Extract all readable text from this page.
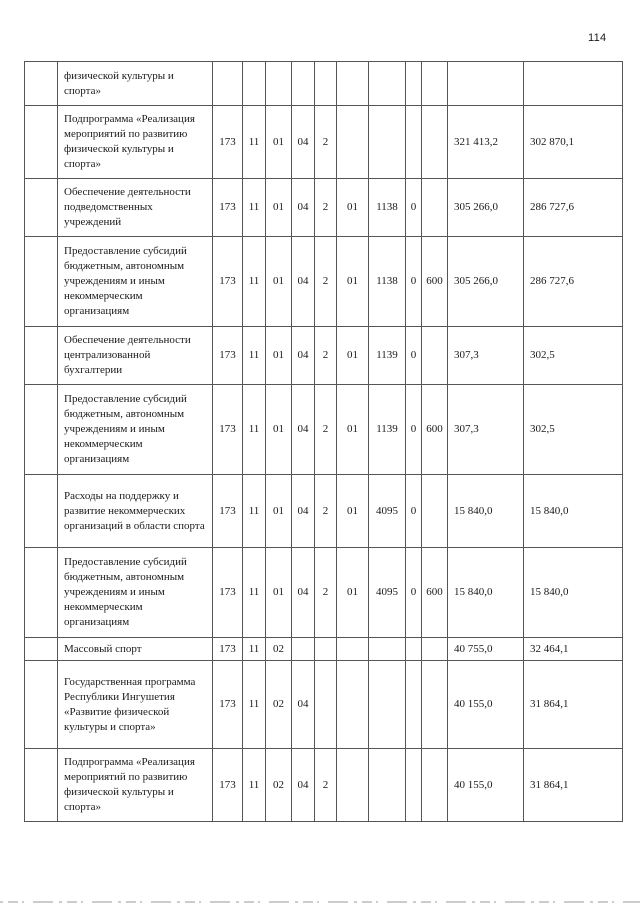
114
	физической культуры и спорта»											
	Подпрограмма «Реализация мероприятий по развитию физической культуры и спорта»	173	11	01	04	2					321 413,2	302 870,1
	Обеспечение деятельности подведомственных учреждений	173	11	01	04	2	01	1138	0		305 266,0	286 727,6
	Предоставление субсидий бюджетным, автономным учреждениям и иным некоммерческим организациям	173	11	01	04	2	01	1138	0	600	305 266,0	286 727,6
	Обеспечение деятельности централизованной бухгалтерии	173	11	01	04	2	01	1139	0		307,3	302,5
	Предоставление субсидий бюджетным, автономным учреждениям и иным некоммерческим организациям	173	11	01	04	2	01	1139	0	600	307,3	302,5
	Расходы на поддержку и развитие некоммерческих организаций в области спорта	173	11	01	04	2	01	4095	0		15 840,0	15 840,0
	Предоставление субсидий бюджетным, автономным учреждениям и иным некоммерческим организациям	173	11	01	04	2	01	4095	0	600	15 840,0	15 840,0
	Массовый спорт	173	11	02							40 755,0	32 464,1
	Государственная программа Республики Ингушетия «Развитие физической культуры и спорта»	173	11	02	04						40 155,0	31 864,1
	Подпрограмма «Реализация мероприятий по развитию физической культуры и спорта»	173	11	02	04	2					40 155,0	31 864,1
